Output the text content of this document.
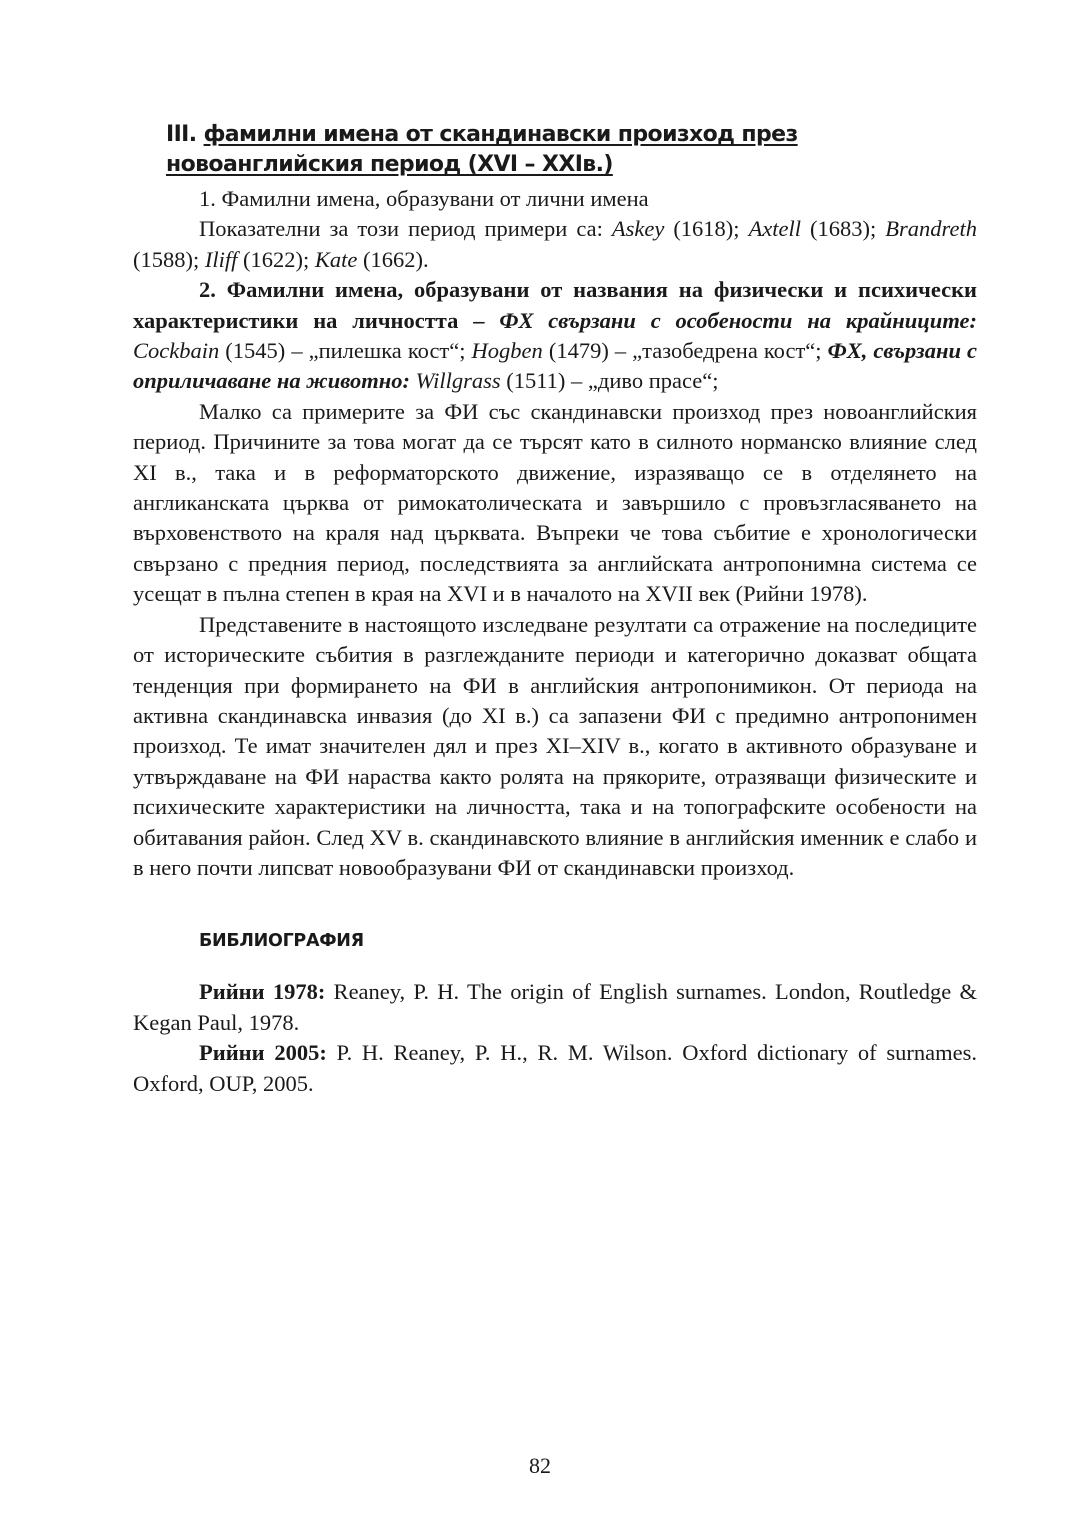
III. фамилни имена от скандинавски произход през новоанглийския период (XVI – XXIв.)

1. Фамилни имена, образувани от лични имена

Показателни за този период примери са: Askey (1618); Axtell (1683); Brandreth (1588); Iliff (1622); Kate (1662).

2. Фамилни имена, образувани от названия на физически и психически характеристики на личността – ФХ свързани с особености на крайниците: Cockbain (1545) – „пилешка кост“; Hogben (1479) – „тазобедрена кост“; ФХ, свързани с оприличаване на животно: Willgrass (1511) – „диво прасе“;

Малко са примерите за ФИ със скандинавски произход през новоанглийския период. Причините за това могат да се търсят като в силното норманско влияние след XI в., така и в реформаторското движение, изразяващо се в отделянето на англиканската църква от римокатолическата и завършило с провъзгласяването на върховенството на краля над църквата. Въпреки че това събитие е хронологически свързано с предния период, последствията за английската антропонимна система се усещат в пълна степен в края на XVI и в началото на XVII век (Рийни 1978).

Представените в настоящото изследване резултати са отражение на последиците от историческите събития в разглежданите периоди и категорично доказват общата тенденция при формирането на ФИ в английския антропонимикон. От периода на активна скандинавска инвазия (до XI в.) са запазени ФИ с предимно антропонимен произход. Те имат значителен дял и през XI–XIV в., когато в активното образуване и утвърждаване на ФИ нараства както ролята на прякорите, отразяващи физическите и психическите характеристики на личността, така и на топографските особености на обитавания район. След XV в. скандинавското влияние в английския именник е слабо и в него почти липсват новообразувани ФИ от скандинавски произход.

БИБЛИОГРАФИЯ

Рийни 1978: Reaney, P. H. The origin of English surnames. London, Routledge & Kegan Paul, 1978.

Рийни 2005: P. H. Reaney, P. H., R. M. Wilson. Oxford dictionary of surnames. Oxford, OUP, 2005.

82
